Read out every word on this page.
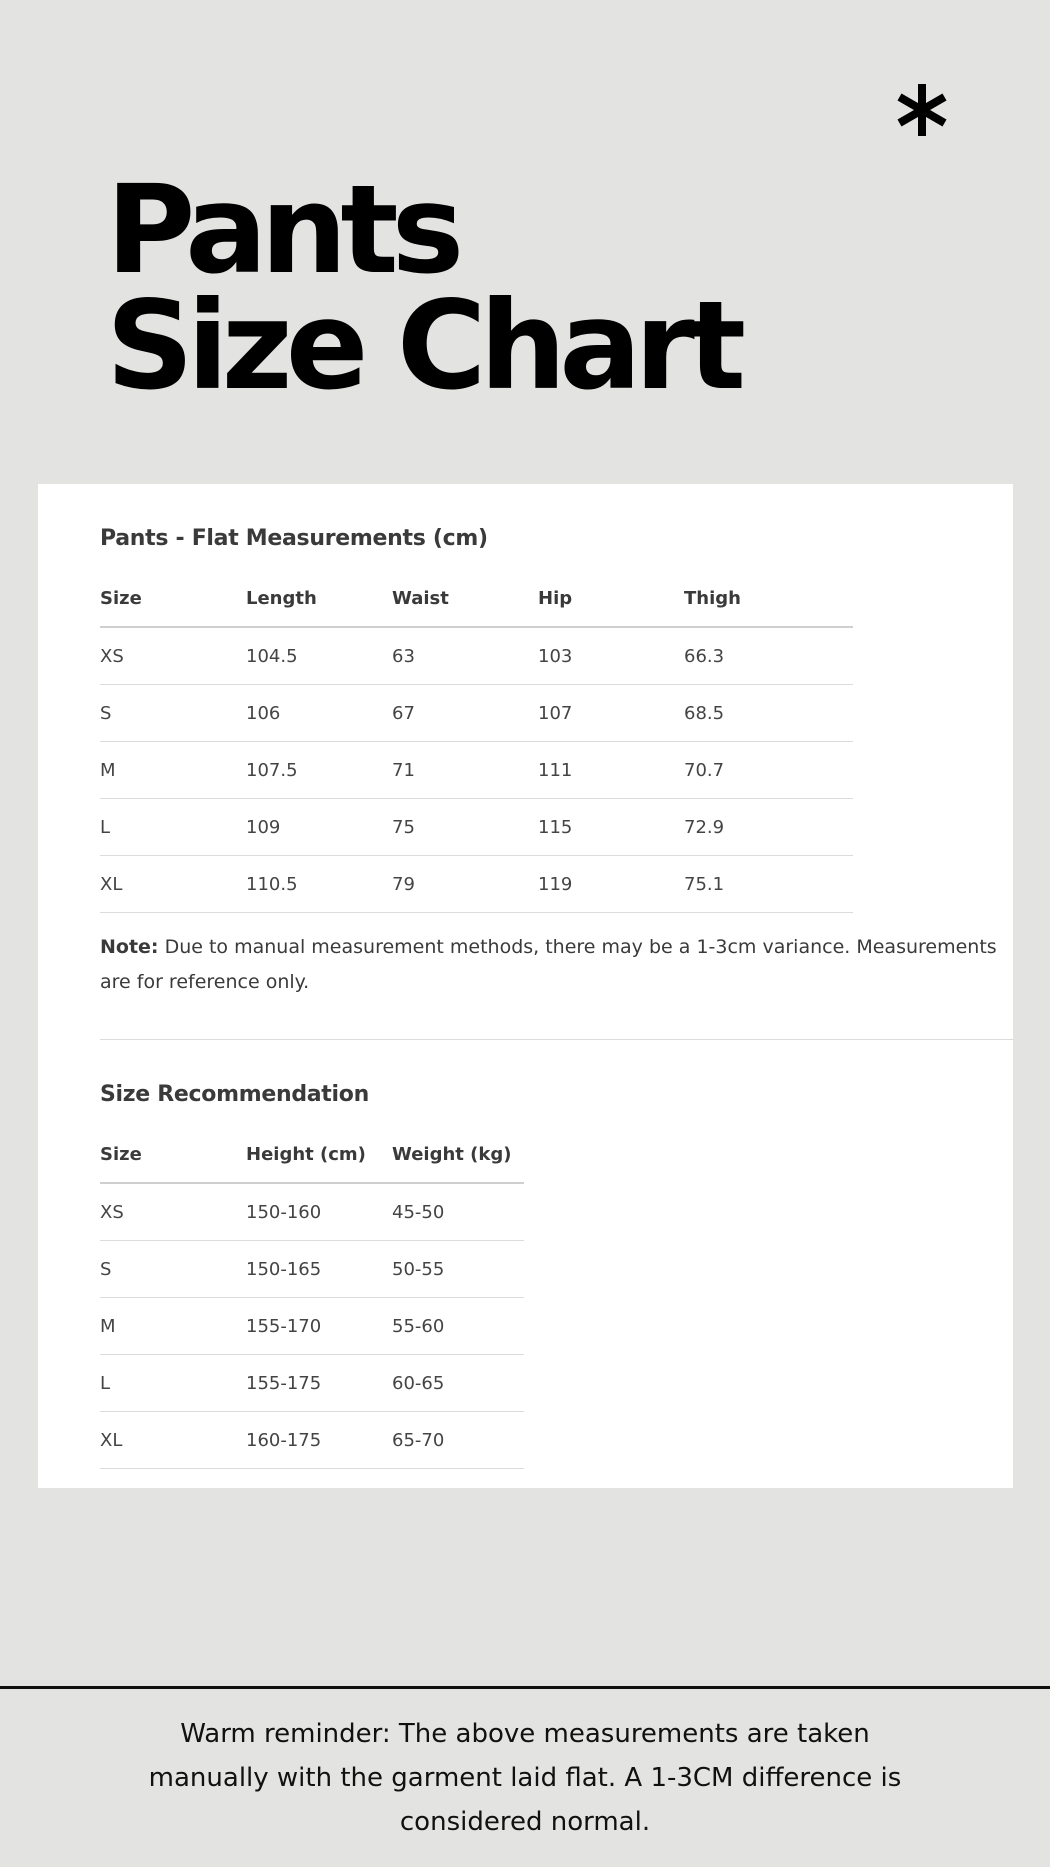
Pants
Size Chart
Pants - Flat Measurements (cm)
Size	Length	Waist	Hip	Thigh
XS	104.5	63	103	66.3
S	106	67	107	68.5
M	107.5	71	111	70.7
L	109	75	115	72.9
XL	110.5	79	119	75.1

Note: Due to manual measurement methods, there may be a 1-3cm variance. Measurements are for reference only.

Size Recommendation
Size	Height (cm)	Weight (kg)
XS	150-160	45-50
S	150-165	50-55
M	155-170	55-60
L	155-175	60-65
XL	160-175	65-70

Warm reminder: The above measurements are taken manually with the garment laid flat. A 1-3CM difference is considered normal.
